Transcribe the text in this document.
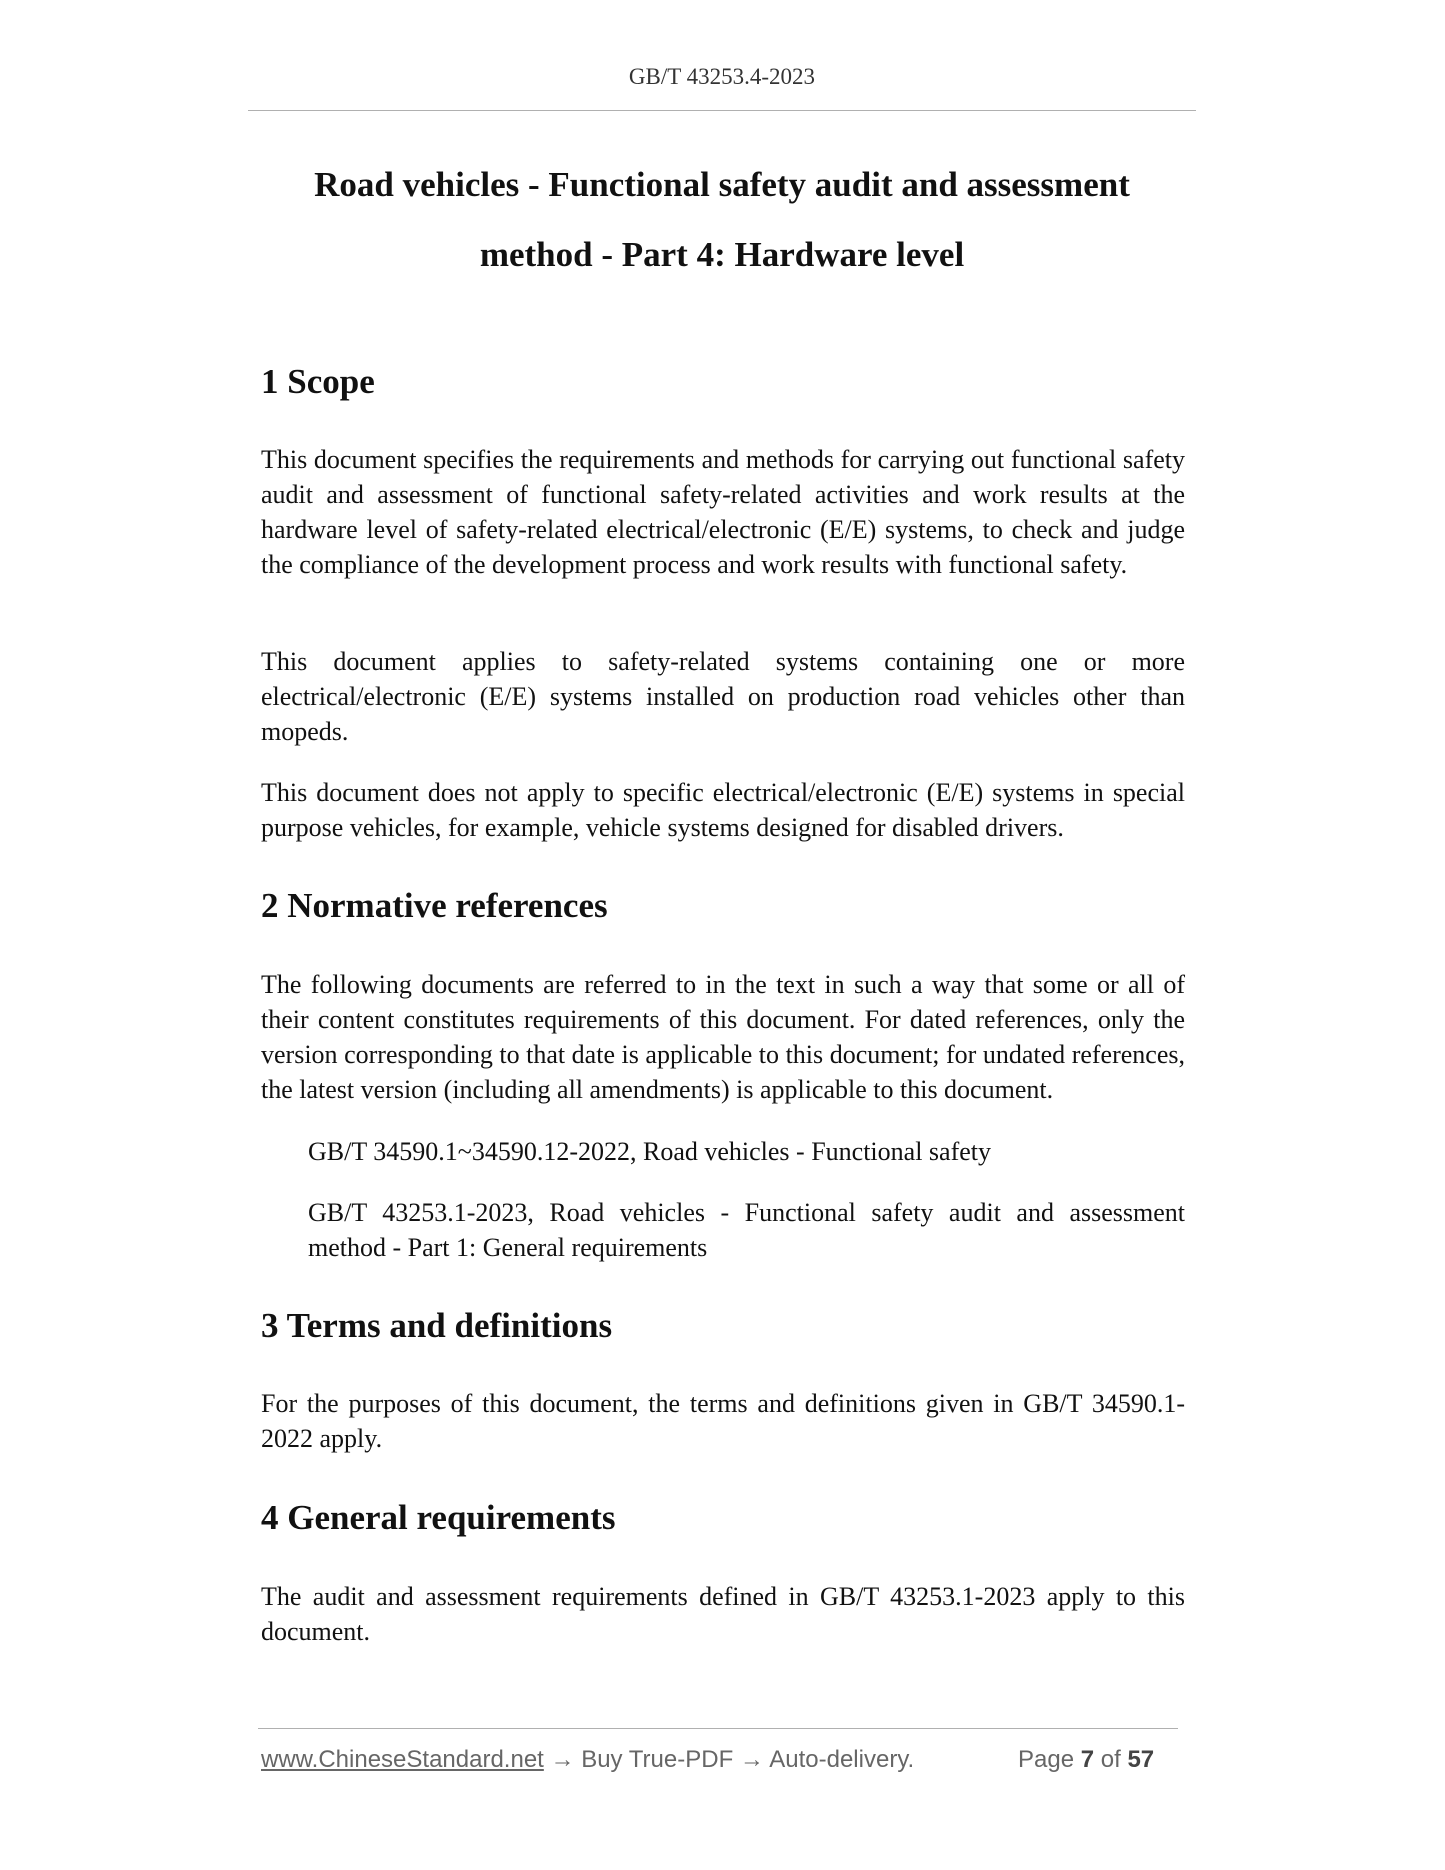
GB/T 43253.4-2023
Road vehicles - Functional safety audit and assessment
method - Part 4: Hardware level
1 Scope

This document specifies the requirements and methods for carrying out functional safety audit and assessment of functional safety-related activities and work results at the hardware level of safety-related electrical/electronic (E/E) systems, to check and judge the compliance of the development process and work results with functional safety.

This document applies to safety-related systems containing one or more electrical/electronic (E/E) systems installed on production road vehicles other than mopeds.

This document does not apply to specific electrical/electronic (E/E) systems in special purpose vehicles, for example, vehicle systems designed for disabled drivers.

2 Normative references

The following documents are referred to in the text in such a way that some or all of their content constitutes requirements of this document. For dated references, only the version corresponding to that date is applicable to this document; for undated references, the latest version (including all amendments) is applicable to this document.

GB/T 34590.1~34590.12-2022, Road vehicles - Functional safety

GB/T 43253.1-2023, Road vehicles - Functional safety audit and assessment method - Part 1: General requirements

3 Terms and definitions

For the purposes of this document, the terms and definitions given in GB/T 34590.1-2022 apply.

4 General requirements

The audit and assessment requirements defined in GB/T 43253.1-2023 apply to this document.

www.ChineseStandard.net → Buy True-PDF → Auto-delivery.	Page 7 of 57
